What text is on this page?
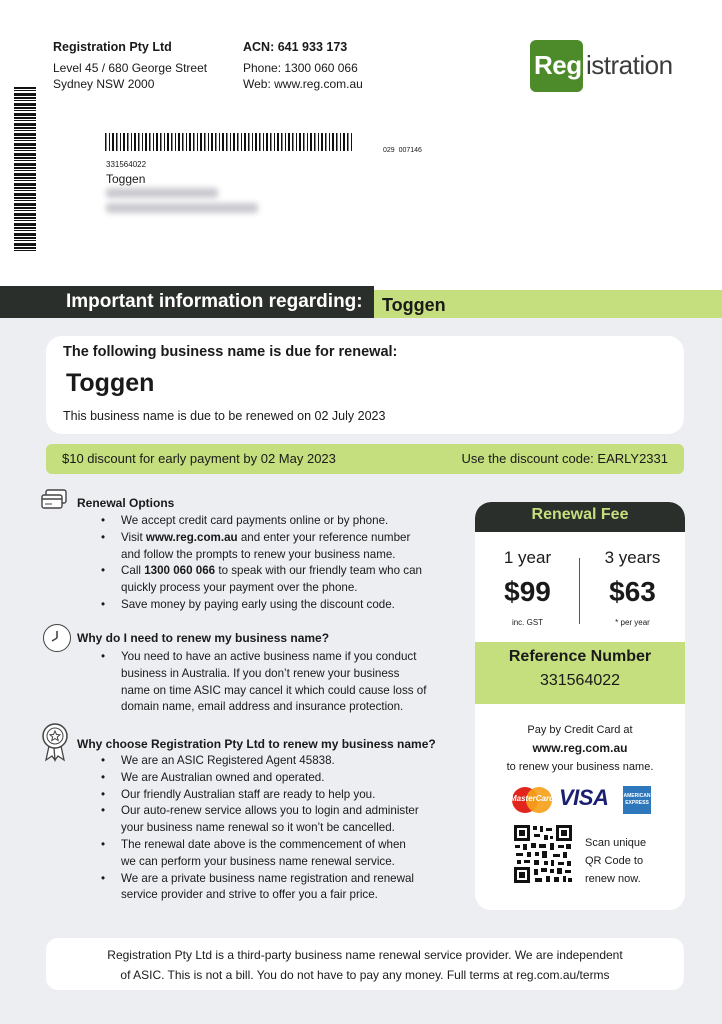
Registration Pty Ltd
Level 45 / 680 George Street
Sydney NSW 2000
ACN: 641 933 173
Phone: 1300 060 066
Web: www.reg.com.au
Reg istration
029  007146
331564022
Toggen
Important information regarding: Toggen
The following business name is due for renewal:
Toggen
This business name is due to be renewed on 02 July 2023
$10 discount for early payment by 02 May 2023	Use the discount code: EARLY2331
Renewal Options
• We accept credit card payments online or by phone.
• Visit www.reg.com.au and enter your reference number
and follow the prompts to renew your business name.
• Call 1300 060 066 to speak with our friendly team who can
quickly process your payment over the phone.
• Save money by paying early using the discount code.
Why do I need to renew my business name?
• You need to have an active business name if you conduct
business in Australia. If you don’t renew your business
name on time ASIC may cancel it which could cause loss of
domain name, email address and insurance protection.
Why choose Registration Pty Ltd to renew my business name?
• We are an ASIC Registered Agent 45838.
• We are Australian owned and operated.
• Our friendly Australian staff are ready to help you.
• Our auto-renew service allows you to login and administer
your business name renewal so it won’t be cancelled.
• The renewal date above is the commencement of when
we can perform your business name renewal service.
• We are a private business name registration and renewal
service provider and strive to offer you a fair price.
Renewal Fee
1 year
$99
inc. GST
3 years
$63
* per year
Reference Number
331564022
Pay by Credit Card at
www.reg.com.au
to renew your business name.
MasterCard VISA	AMERICAN EXPRESS
Scan unique
QR Code to
renew now.
Registration Pty Ltd is a third-party business name renewal service provider. We are independent
of ASIC. This is not a bill. You do not have to pay any money. Full terms at reg.com.au/terms
